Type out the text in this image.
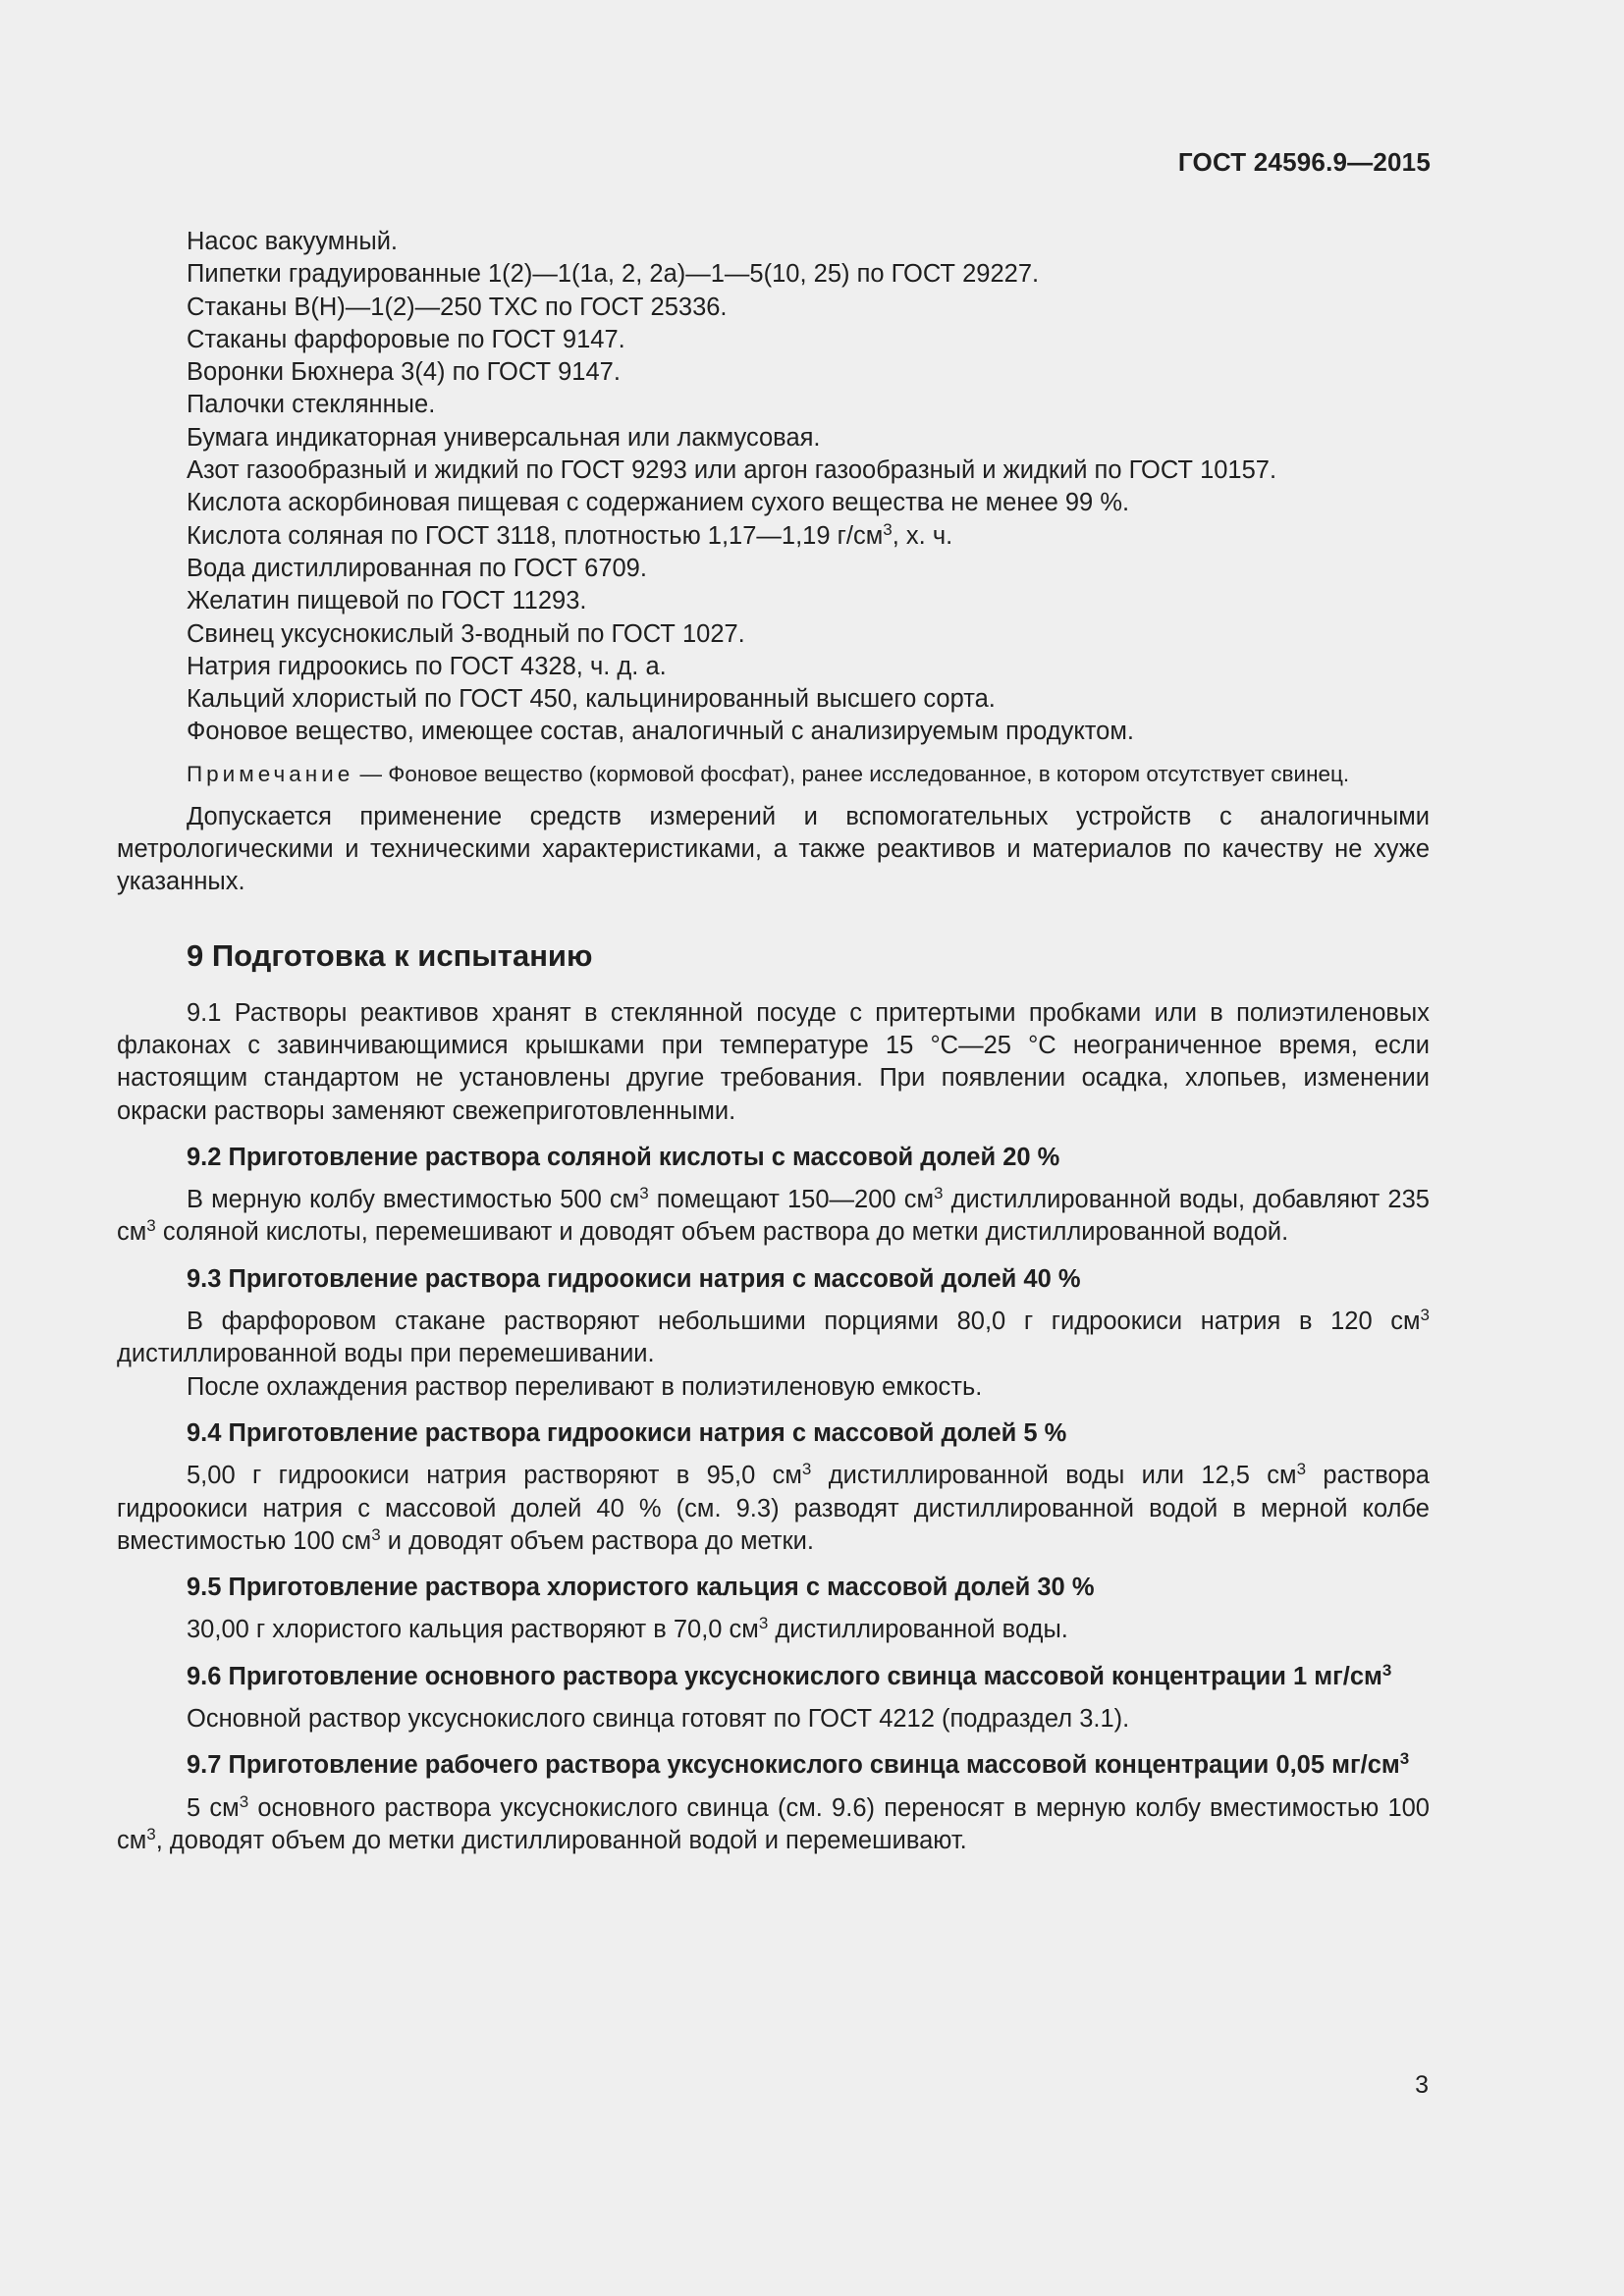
ГОСТ 24596.9—2015
Насос вакуумный.
Пипетки градуированные 1(2)—1(1а, 2, 2а)—1—5(10, 25) по ГОСТ 29227.
Стаканы В(Н)—1(2)—250 ТХС по ГОСТ 25336.
Стаканы фарфоровые по ГОСТ 9147.
Воронки Бюхнера 3(4) по ГОСТ 9147.
Палочки стеклянные.
Бумага индикаторная универсальная или лакмусовая.
Азот газообразный и жидкий по ГОСТ 9293 или аргон газообразный и жидкий по ГОСТ 10157.
Кислота аскорбиновая пищевая с содержанием сухого вещества не менее 99 %.
Кислота соляная по ГОСТ 3118, плотностью 1,17—1,19 $г/см^3$, х. ч.
Вода дистиллированная по ГОСТ 6709.
Желатин пищевой по ГОСТ 11293.
Свинец уксуснокислый 3-водный по ГОСТ 1027.
Натрия гидроокись по ГОСТ 4328, ч. д. а.
Кальций хлористый по ГОСТ 450, кальцинированный высшего сорта.
Фоновое вещество, имеющее состав, аналогичный с анализируемым продуктом.

Примечание — Фоновое вещество (кормовой фосфат), ранее исследованное, в котором отсутствует свинец.

Допускается применение средств измерений и вспомогательных устройств с аналогичными метрологическими и техническими характеристиками, а также реактивов и материалов по качеству не хуже указанных.

9 Подготовка к испытанию

9.1 Растворы реактивов хранят в стеклянной посуде с притертыми пробками или в полиэтиленовых флаконах с завинчивающимися крышками при температуре 15 °С—25 °С неограниченное время, если настоящим стандартом не установлены другие требования. При появлении осадка, хлопьев, изменении окраски растворы заменяют свежеприготовленными.

9.2 Приготовление раствора соляной кислоты с массовой долей 20 %

В мерную колбу вместимостью 500 $см^3$ помещают 150—200 $см^3$ дистиллированной воды, добавляют 235 $см^3$ соляной кислоты, перемешивают и доводят объем раствора до метки дистиллированной водой.

9.3 Приготовление раствора гидроокиси натрия с массовой долей 40 %

В фарфоровом стакане растворяют небольшими порциями 80,0 г гидроокиси натрия в 120 $см^3$ дистиллированной воды при перемешивании.

После охлаждения раствор переливают в полиэтиленовую емкость.

9.4 Приготовление раствора гидроокиси натрия с массовой долей 5 %

5,00 г гидроокиси натрия растворяют в 95,0 $см^3$ дистиллированной воды или 12,5 $см^3$ раствора гидроокиси натрия с массовой долей 40 % (см. 9.3) разводят дистиллированной водой в мерной колбе вместимостью 100 $см^3$ и доводят объем раствора до метки.

9.5 Приготовление раствора хлористого кальция с массовой долей 30 %

30,00 г хлористого кальция растворяют в 70,0 $см^3$ дистиллированной воды.

9.6 Приготовление основного раствора уксуснокислого свинца массовой концентрации 1 $мг/см^3$

Основной раствор уксуснокислого свинца готовят по ГОСТ 4212 (подраздел 3.1).

9.7 Приготовление рабочего раствора уксуснокислого свинца массовой концентрации 0,05 $мг/см^3$

5 $см^3$ основного раствора уксуснокислого свинца (см. 9.6) переносят в мерную колбу вместимостью 100 $см^3$, доводят объем до метки дистиллированной водой и перемешивают.

3
